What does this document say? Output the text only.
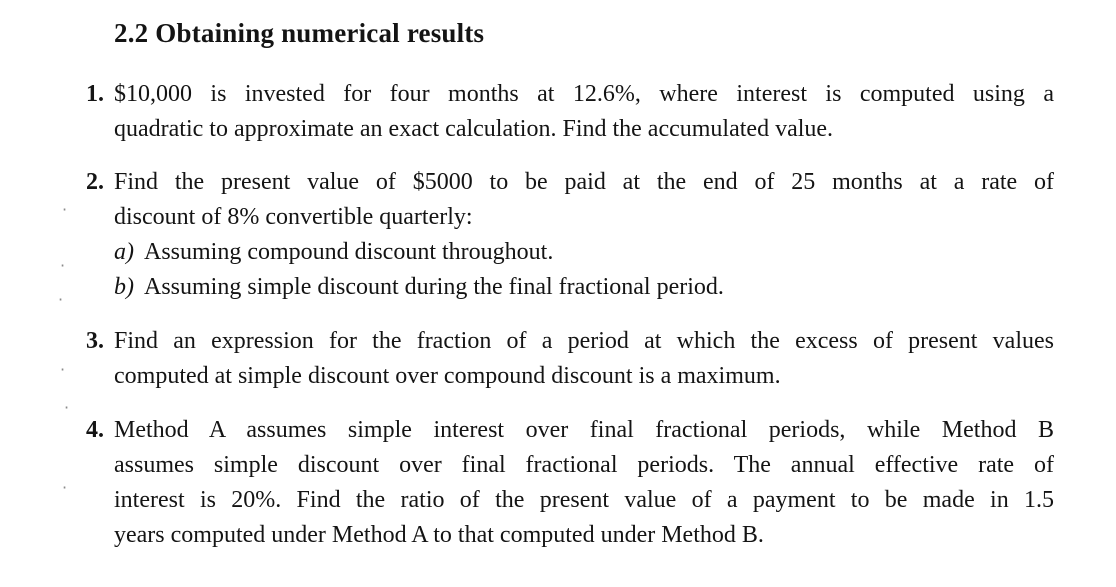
2.2 Obtaining numerical results
1. $10,000 is invested for four months at 12.6%, where interest is computed using a
quadratic to approximate an exact calculation. Find the accumulated value.
2. Find the present value of $5000 to be paid at the end of 25 months at a rate of
discount of 8% convertible quarterly:
a) Assuming compound discount throughout.
b) Assuming simple discount during the final fractional period.
3. Find an expression for the fraction of a period at which the excess of present values
computed at simple discount over compound discount is a maximum.
4. Method A assumes simple interest over final fractional periods, while Method B
assumes simple discount over final fractional periods. The annual effective rate of
interest is 20%. Find the ratio of the present value of a payment to be made in 1.5
years computed under Method A to that computed under Method B.
·
·
·
·
·
·
